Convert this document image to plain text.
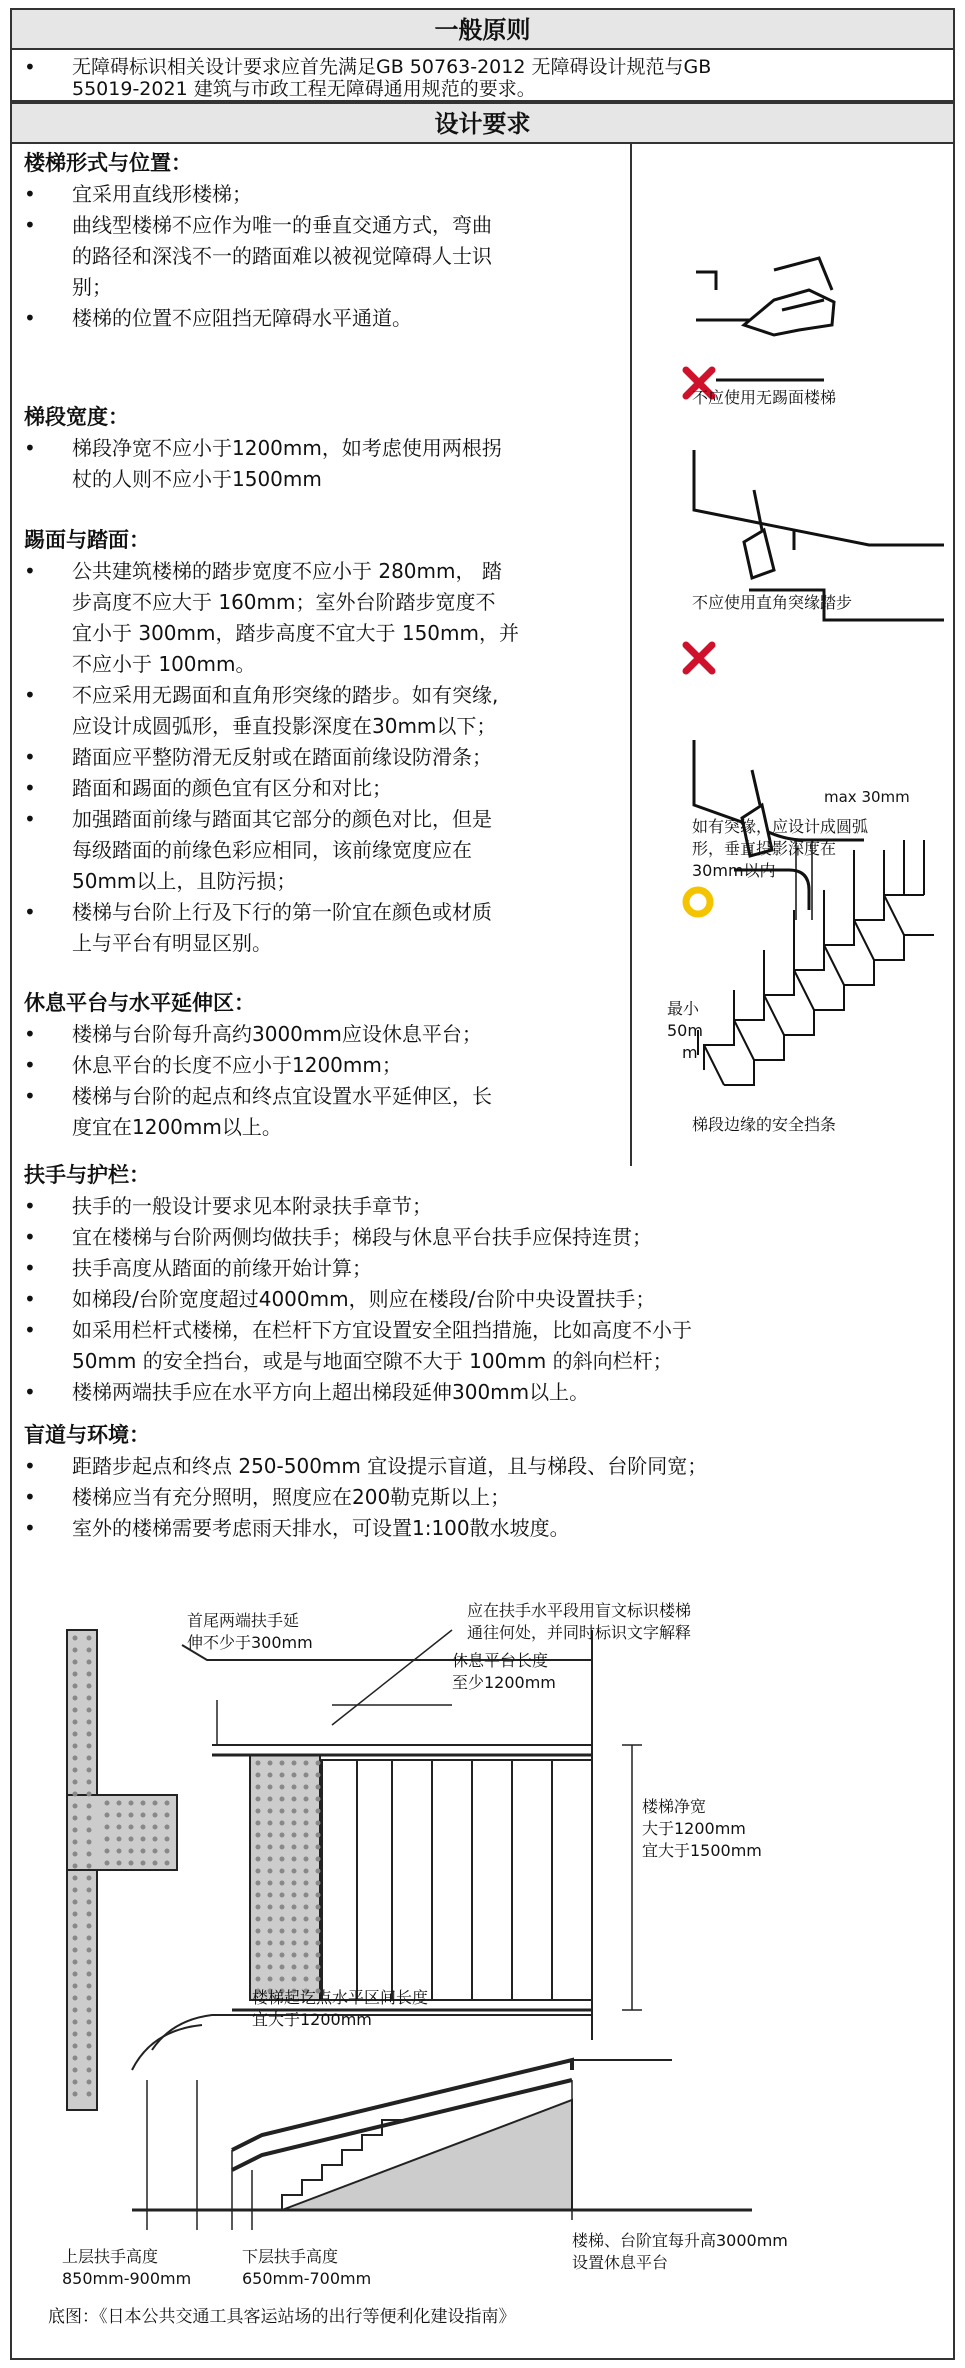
一般原则
• 无障碍标识相关设计要求应首先满足GB 50763-2012 无障碍设计规范与GB
55019-2021 建筑与市政工程无障碍通用规范的要求。
设计要求
不应使用无踢面楼梯
不应使用直角突缘踏步
max 30mm
如有突缘，应设计成圆弧
形，垂直投影深度在
30mm以内
最小
50m
m
梯段边缘的安全挡条
首尾两端扶手延
伸不少于300mm
应在扶手水平段用盲文标识楼梯
通往何处，并同时标识文字解释
休息平台长度
至少1200mm
楼梯净宽
大于1200mm
宜大于1500mm
楼梯起讫点水平区间长度
宜大于1200mm
上层扶手高度
850mm-900mm
下层扶手高度
650mm-700mm
楼梯、台阶宜每升高3000mm
设置休息平台
底图：《日本公共交通工具客运站场的出行等便利化建设指南》
楼梯形式与位置：
• 宜采用直线形楼梯；
• 曲线型楼梯不应作为唯一的垂直交通方式，弯曲
的路径和深浅不一的踏面难以被视觉障碍人士识
别；
• 楼梯的位置不应阻挡无障碍水平通道。
梯段宽度：
• 梯段净宽不应小于1200mm，如考虑使用两根拐
杖的人则不应小于1500mm
踢面与踏面：
• 公共建筑楼梯的踏步宽度不应小于 280mm， 踏
步高度不应大于 160mm；室外台阶踏步宽度不
宜小于 300mm，踏步高度不宜大于 150mm，并
不应小于 100mm。
• 不应采用无踢面和直角形突缘的踏步。如有突缘,
应设计成圆弧形，垂直投影深度在30mm以下；
• 踏面应平整防滑无反射或在踏面前缘设防滑条；
• 踏面和踢面的颜色宜有区分和对比；
• 加强踏面前缘与踏面其它部分的颜色对比，但是
每级踏面的前缘色彩应相同，该前缘宽度应在
50mm以上，且防污损；
• 楼梯与台阶上行及下行的第一阶宜在颜色或材质
上与平台有明显区别。
休息平台与水平延伸区：
• 楼梯与台阶每升高约3000mm应设休息平台；
• 休息平台的长度不应小于1200mm；
• 楼梯与台阶的起点和终点宜设置水平延伸区，长
度宜在1200mm以上。
扶手与护栏：
• 扶手的一般设计要求见本附录扶手章节；
• 宜在楼梯与台阶两侧均做扶手；梯段与休息平台扶手应保持连贯；
• 扶手高度从踏面的前缘开始计算；
• 如梯段/台阶宽度超过4000mm，则应在楼段/台阶中央设置扶手；
• 如采用栏杆式楼梯，在栏杆下方宜设置安全阻挡措施，比如高度不小于
50mm 的安全挡台，或是与地面空隙不大于 100mm 的斜向栏杆；
• 楼梯两端扶手应在水平方向上超出梯段延伸300mm以上。
盲道与环境：
• 距踏步起点和终点 250-500mm 宜设提示盲道，且与梯段、台阶同宽；
• 楼梯应当有充分照明，照度应在200勒克斯以上；
• 室外的楼梯需要考虑雨天排水，可设置1:100散水坡度。
